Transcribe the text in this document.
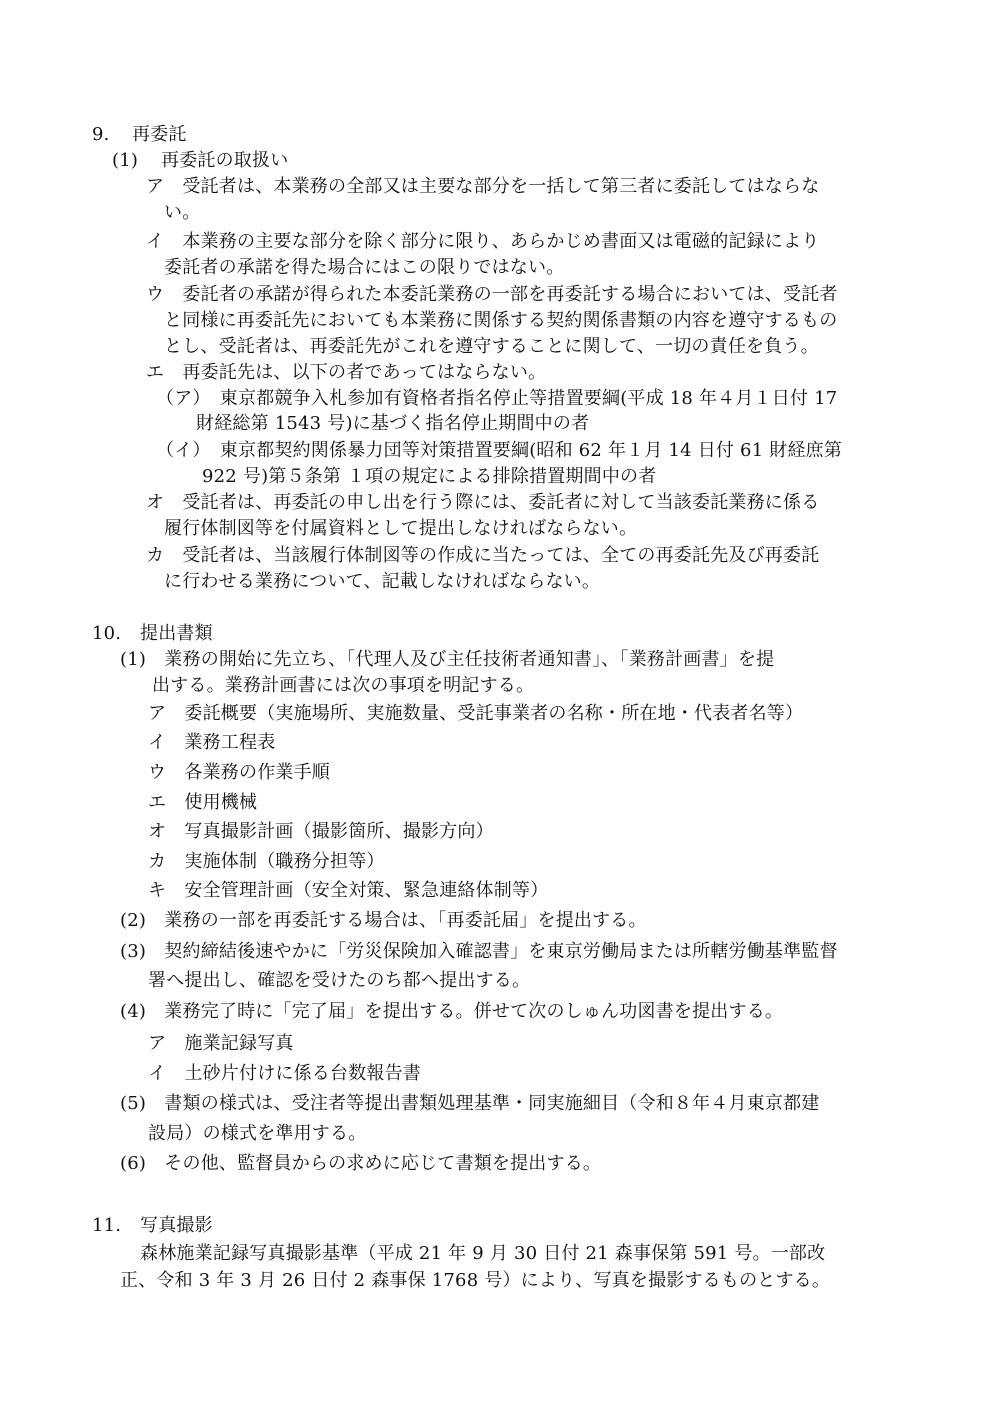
9. 再委託
(1) 再委託の取扱い
ア　受託者は、本業務の全部又は主要な部分を一括して第三者に委託してはならな
い。
イ　本業務の主要な部分を除く部分に限り、あらかじめ書面又は電磁的記録により
委託者の承諾を得た場合にはこの限りではない。
ウ　委託者の承諾が得られた本委託業務の一部を再委託する場合においては、受託者
と同様に再委託先においても本業務に関係する契約関係書類の内容を遵守するもの
とし、受託者は、再委託先がこれを遵守することに関して、一切の責任を負う。
エ　再委託先は、以下の者であってはならない。
（ア）　東京都競争入札参加有資格者指名停止等措置要綱(平成 18 年４月１日付 17
財経総第 1543 号)に基づく指名停止期間中の者
（イ）　東京都契約関係暴力団等対策措置要綱(昭和 62 年１月 14 日付 61 財経庶第
922 号)第５条第 １項の規定による排除措置期間中の者
オ　受託者は、再委託の申し出を行う際には、委託者に対して当該委託業務に係る
履行体制図等を付属資料として提出しなければならない。
カ　受託者は、当該履行体制図等の作成に当たっては、全ての再委託先及び再委託
に行わせる業務について、記載しなければならない。
10. 提出書類
(1)　業務の開始に先立ち、「代理人及び主任技術者通知書」、「業務計画書」を提
出する。業務計画書には次の事項を明記する。
ア　委託概要（実施場所、実施数量、受託事業者の名称・所在地・代表者名等）
イ　業務工程表
ウ　各業務の作業手順
エ　使用機械
オ　写真撮影計画（撮影箇所、撮影方向）
カ　実施体制（職務分担等）
キ　安全管理計画（安全対策、緊急連絡体制等）
(2)　業務の一部を再委託する場合は、「再委託届」を提出する。
(3)　契約締結後速やかに「労災保険加入確認書」を東京労働局または所轄労働基準監督
署へ提出し、確認を受けたのち都へ提出する。
(4)　業務完了時に「完了届」を提出する。併せて次のしゅん功図書を提出する。
ア　施業記録写真
イ　土砂片付けに係る台数報告書
(5)　書類の様式は、受注者等提出書類処理基準・同実施細目（令和８年４月東京都建
設局）の様式を準用する。
(6)　その他、監督員からの求めに応じて書類を提出する。
11. 写真撮影
森林施業記録写真撮影基準（平成 21 年 9 月 30 日付 21 森事保第 591 号。一部改
正、令和 3 年 3 月 26 日付 2 森事保 1768 号）により、写真を撮影するものとする。
